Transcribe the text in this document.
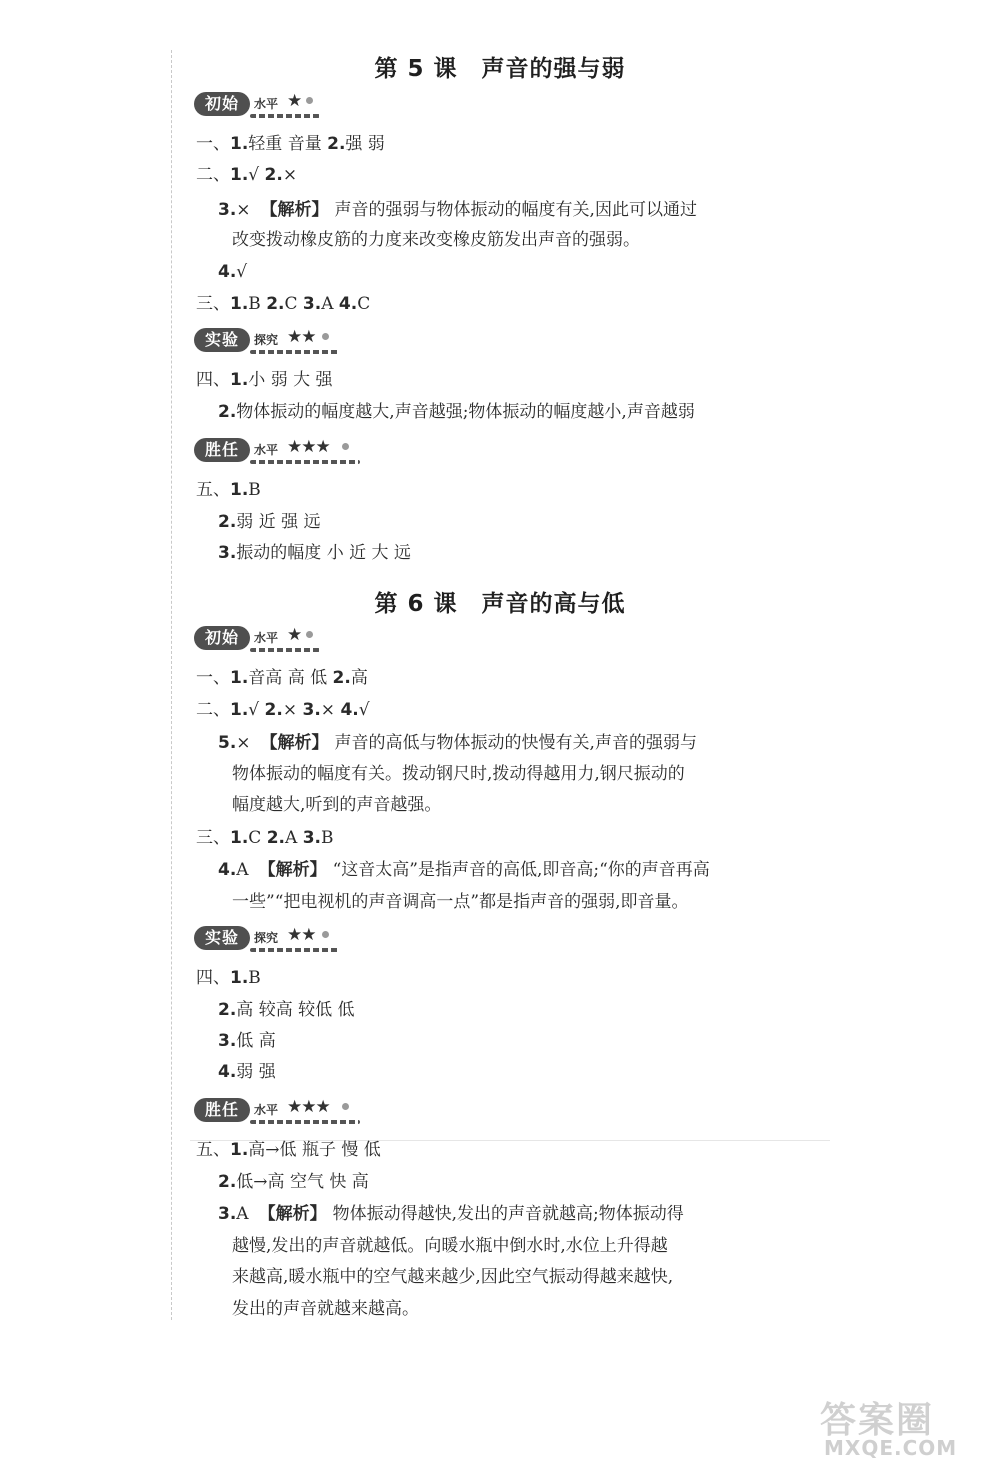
第 5 课 声音的强与弱
初始	水平 ★
一、1.轻重 音量 2.强 弱
二、1.√ 2.×
3.× 【解析】 声音的强弱与物体振动的幅度有关,因此可以通过
改变拨动橡皮筋的力度来改变橡皮筋发出声音的强弱。
4.√
三、1.B 2.C 3.A 4.C
实验	探究 ★★
四、1.小 弱 大 强
2.物体振动的幅度越大,声音越强;物体振动的幅度越小,声音越弱
胜任	水平 ★★★
五、1.B
2.弱 近 强 远
3.振动的幅度 小 近 大 远
第 6 课 声音的高与低
初始	水平 ★
一、1.音高 高 低 2.高
二、1.√ 2.× 3.× 4.√
5.× 【解析】 声音的高低与物体振动的快慢有关,声音的强弱与
物体振动的幅度有关。拨动钢尺时,拨动得越用力,钢尺振动的
幅度越大,听到的声音越强。
三、1.C 2.A 3.B
4.A 【解析】 “这音太高”是指声音的高低,即音高;“你的声音再高
一些”“把电视机的声音调高一点”都是指声音的强弱,即音量。
实验	探究 ★★
四、1.B
2.高 较高 较低 低
3.低 高
4.弱 强
胜任	水平 ★★★
五、1.高→低 瓶子 慢 低
2.低→高 空气 快 高
3.A 【解析】 物体振动得越快,发出的声音就越高;物体振动得
越慢,发出的声音就越低。向暖水瓶中倒水时,水位上升得越
来越高,暖水瓶中的空气越来越少,因此空气振动得越来越快,
发出的声音就越来越高。
答案圈
MXQE.COM
